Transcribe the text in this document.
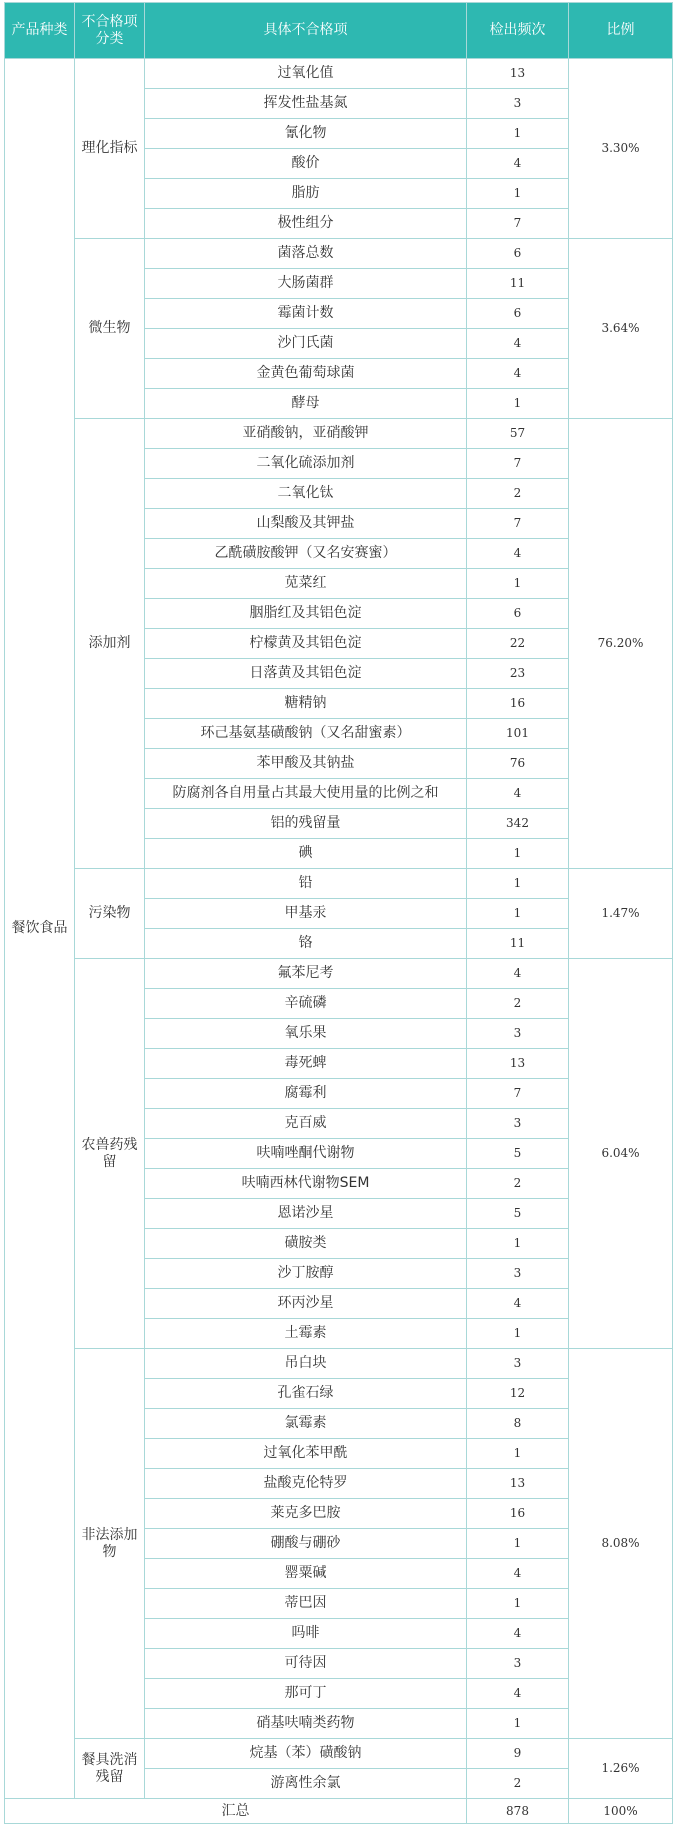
产品种类	不合格项分类	具体不合格项	检出频次	比例
餐饮食品	理化指标	过氧化值	13	3.30%
		挥发性盐基氮	3	
		氰化物	1	
		酸价	4	
		脂肪	1	
		极性组分	7	
	微生物	菌落总数	6	3.64%
		大肠菌群	11	
		霉菌计数	6	
		沙门氏菌	4	
		金黄色葡萄球菌	4	
		酵母	1	
	添加剂	亚硝酸钠，亚硝酸钾	57	76.20%
		二氧化硫添加剂	7	
		二氧化钛	2	
		山梨酸及其钾盐	7	
		乙酰磺胺酸钾（又名安赛蜜）	4	
		苋菜红	1	
		胭脂红及其铝色淀	6	
		柠檬黄及其铝色淀	22	
		日落黄及其铝色淀	23	
		糖精钠	16	
		环己基氨基磺酸钠（又名甜蜜素）	101	
		苯甲酸及其钠盐	76	
		防腐剂各自用量占其最大使用量的比例之和	4	
		铝的残留量	342	
		碘	1	
	污染物	铅	1	1.47%
		甲基汞	1	
		铬	11	
	农兽药残留	氟苯尼考	4	6.04%
		辛硫磷	2	
		氧乐果	3	
		毒死蜱	13	
		腐霉利	7	
		克百威	3	
		呋喃唑酮代谢物	5	
		呋喃西林代谢物SEM	2	
		恩诺沙星	5	
		磺胺类	1	
		沙丁胺醇	3	
		环丙沙星	4	
		土霉素	1	
	非法添加物	吊白块	3	8.08%
		孔雀石绿	12	
		氯霉素	8	
		过氧化苯甲酰	1	
		盐酸克伦特罗	13	
		莱克多巴胺	16	
		硼酸与硼砂	1	
		罂粟碱	4	
		蒂巴因	1	
		吗啡	4	
		可待因	3	
		那可丁	4	
		硝基呋喃类药物	1	
	餐具洗消残留	烷基（苯）磺酸钠	9	1.26%
		游离性余氯	2	
汇总			878	100%
